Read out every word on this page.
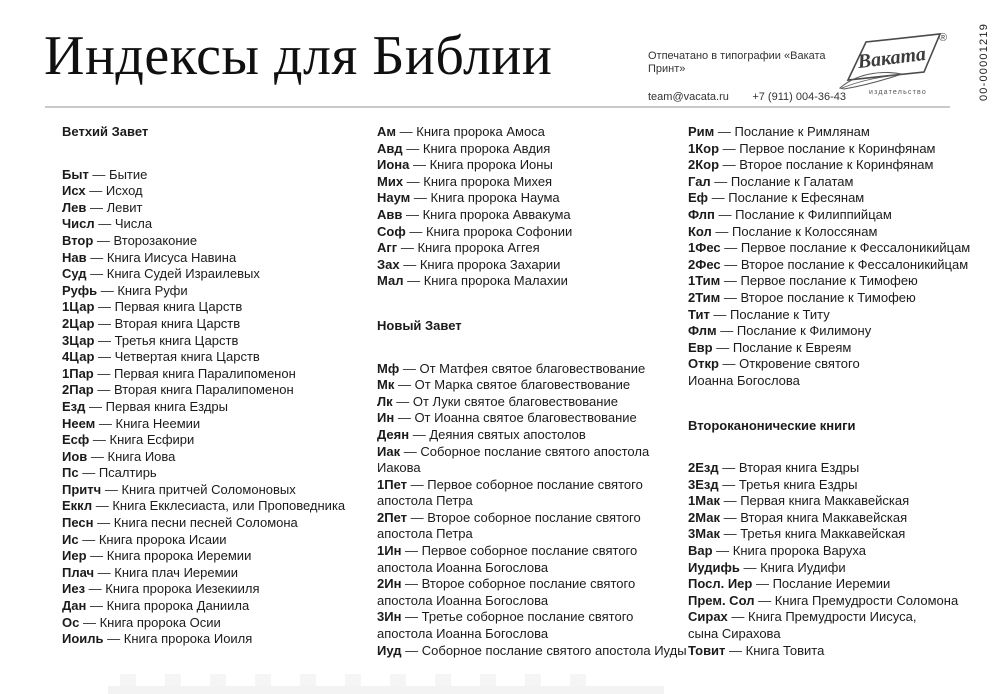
Индексы для Библии	Отпечатано в типографии «Ваката Принт»
team@vacata.ru +7 (911) 004-36-43
Ваката
®
издательство	00-00001219
Ветхий Завет
Быт — Бытие
Исх — Исход
Лев — Левит
Числ — Числа
Втор — Второзаконие
Нав — Книга Иисуса Навина
Суд — Книга Судей Израилевых
Руфь — Книга Руфи
1Цар — Первая книга Царств
2Цар — Вторая книга Царств
3Цар — Третья книга Царств
4Цар — Четвертая книга Царств
1Пар — Первая книга Паралипоменон
2Пар — Вторая книга Паралипоменон
Езд — Первая книга Ездры
Неем — Книга Неемии
Есф — Книга Есфири
Иов — Книга Иова
Пс — Псалтирь
Притч — Книга притчей Соломоновых
Еккл — Книга Екклесиаста, или Проповедника
Песн — Книга песни песней Соломона
Ис — Книга пророка Исаии
Иер — Книга пророка Иеремии
Плач — Книга плач Иеремии
Иез — Книга пророка Иезекииля
Дан — Книга пророка Даниила
Ос — Книга пророка Осии
Иоиль — Книга пророка Иоиля
Ам — Книга пророка Амоса
Авд — Книга пророка Авдия
Иона — Книга пророка Ионы
Мих — Книга пророка Михея
Наум — Книга пророка Наума
Авв — Книга пророка Аввакума
Соф — Книга пророка Софонии
Агг — Книга пророка Аггея
Зах — Книга пророка Захарии
Мал — Книга пророка Малахии
Новый Завет
Мф — От Матфея святое благовествование
Мк — От Марка святое благовествование
Лк — От Луки святое благовествование
Ин — От Иоанна святое благовествование
Деян — Деяния святых апостолов
Иак — Соборное послание святого апостола
Иакова
1Пет — Первое соборное послание святого
апостола Петра
2Пет — Второе соборное послание святого
апостола Петра
1Ин — Первое соборное послание святого
апостола Иоанна Богослова
2Ин — Второе соборное послание святого
апостола Иоанна Богослова
3Ин — Третье соборное послание святого
апостола Иоанна Богослова
Иуд — Соборное послание святого апостола Иуды
Рим — Послание к Римлянам
1Кор — Первое послание к Коринфянам
2Кор — Второе послание к Коринфянам
Гал — Послание к Галатам
Еф — Послание к Ефесянам
Флп — Послание к Филиппийцам
Кол — Послание к Колоссянам
1Фес — Первое послание к Фессалоникийцам
2Фес — Второе послание к Фессалоникийцам
1Тим — Первое послание к Тимофею
2Тим — Второе послание к Тимофею
Тит — Послание к Титу
Флм — Послание к Филимону
Евр — Послание к Евреям
Откр — Откровение святого
Иоанна Богослова
Второканонические книги
2Езд — Вторая книга Ездры
3Езд — Третья книга Ездры
1Мак — Первая книга Маккавейская
2Мак — Вторая книга Маккавейская
3Мак — Третья книга Маккавейская
Вар — Книга пророка Варуха
Иудифь — Книга Иудифи
Посл. Иер — Послание Иеремии
Прем. Сол — Книга Премудрости Соломона
Сирах — Книга Премудрости Иисуса,
сына Сирахова
Товит — Книга Товита
